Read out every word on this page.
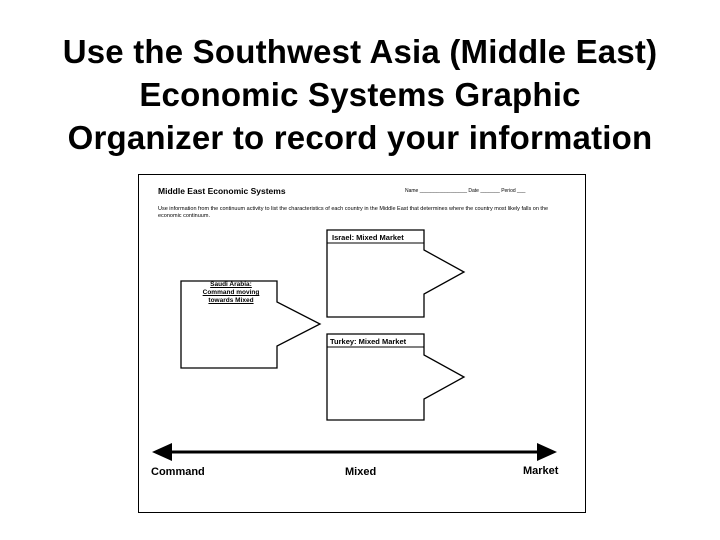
Use the Southwest Asia (Middle East)
Economic Systems Graphic
Organizer to record your information
Middle East Economic Systems	Name _________________ Date _______ Period ___
Use information from the continuum activity to list the characteristics of each country in the Middle East that determines where the country most likely falls on the economic continuum.
Israel: Mixed Market
Turkey: Mixed Market
Saudi Arabia:
Command moving
towards Mixed
Command	Mixed	Market
